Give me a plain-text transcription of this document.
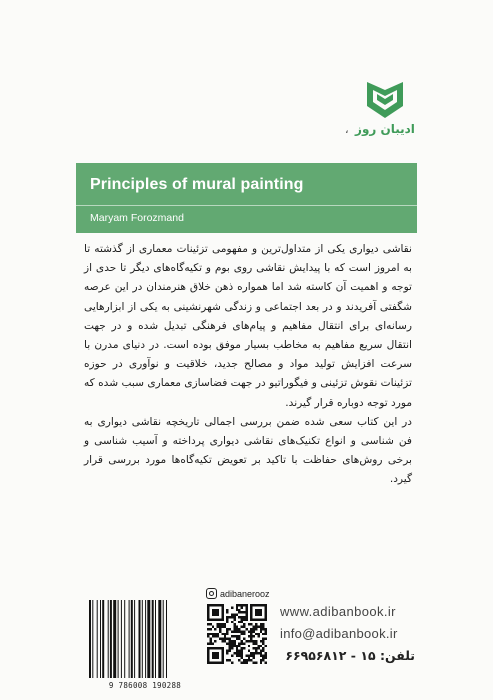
ادیبان روز
،
Principles of mural painting
Maryam Forozmand

نقاشی دیواری یکی از متداول‌ترین و مفهومی تزئینات معماری از گذشته تا به امروز است که با پیدایش نقاشی روی بوم و تکیه‌گاه‌های دیگر تا حدی از توجه و اهمیت آن کاسته شد اما همواره ذهن خلاق هنرمندان در این عرصه شگفتی آفریدند و در بعد اجتماعی و زندگی شهرنشینی به یکی از ابزارهایی رسانه‌ای برای انتقال مفاهیم و پیام‌های فرهنگی تبدیل شده و در جهت انتقال سریع مفاهیم به مخاطب بسیار موفق بوده است. در دنیای مدرن با سرعت افزایش تولید مواد و مصالح جدید، خلاقیت و نوآوری در حوزه تزئینات نقوش تزئینی و فیگوراتیو در جهت فضاسازی معماری سبب شده که مورد توجه دوباره قرار گیرند.

در این کتاب سعی شده ضمن بررسی اجمالی تاریخچه نقاشی دیواری به فن شناسی و انواع تکنیک‌های نقاشی دیواری پرداخته و آسیب شناسی و برخی روش‌های حفاظت با تاکید بر تعویض تکیه‌گاه‌ها مورد بررسی قرار گیرد.

9 786008 190288
adibanerooz
www.adibanbook.ir
info@adibanbook.ir
تلفن: ۱۵ - ۶۶۹۵۶۸۱۲
